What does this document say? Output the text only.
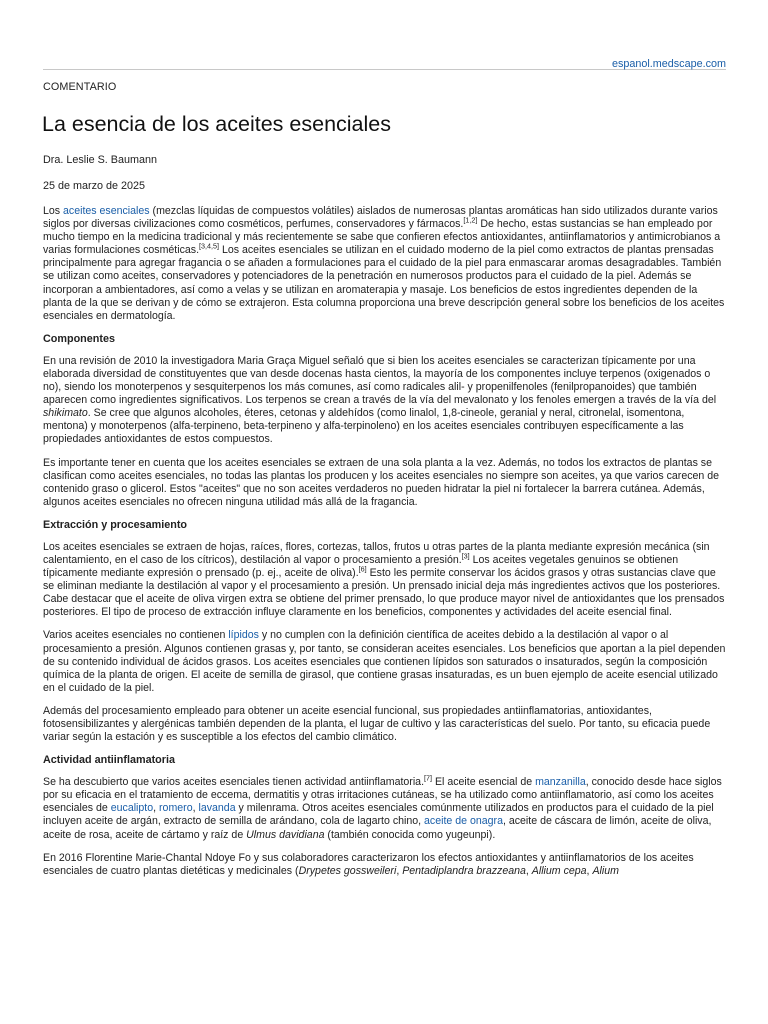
espanol.medscape.com
COMENTARIO
La esencia de los aceites esenciales
Dra. Leslie S. Baumann
25 de marzo de 2025

Los aceites esenciales (mezclas líquidas de compuestos volátiles) aislados de numerosas plantas aromáticas han sido utilizados durante varios siglos por diversas civilizaciones como cosméticos, perfumes, conservadores y fármacos.[1,2] De hecho, estas sustancias se han empleado por mucho tiempo en la medicina tradicional y más recientemente se sabe que confieren efectos antioxidantes, antiinflamatorios y antimicrobianos a varias formulaciones cosméticas.[3,4,5] Los aceites esenciales se utilizan en el cuidado moderno de la piel como extractos de plantas prensadas principalmente para agregar fragancia o se añaden a formulaciones para el cuidado de la piel para enmascarar aromas desagradables. También se utilizan como aceites, conservadores y potenciadores de la penetración en numerosos productos para el cuidado de la piel. Además se incorporan a ambientadores, así como a velas y se utilizan en aromaterapia y masaje. Los beneficios de estos ingredientes dependen de la planta de la que se derivan y de cómo se extrajeron. Esta columna proporciona una breve descripción general sobre los beneficios de los aceites esenciales en dermatología.

Componentes

En una revisión de 2010 la investigadora Maria Graça Miguel señaló que si bien los aceites esenciales se caracterizan típicamente por una elaborada diversidad de constituyentes que van desde docenas hasta cientos, la mayoría de los componentes incluye terpenos (oxigenados o no), siendo los monoterpenos y sesquiterpenos los más comunes, así como radicales alil- y propenilfenoles (fenilpropanoides) que también aparecen como ingredientes significativos. Los terpenos se crean a través de la vía del mevalonato y los fenoles emergen a través de la vía del shikimato. Se cree que algunos alcoholes, éteres, cetonas y aldehídos (como linalol, 1,8-cineole, geranial y neral, citronelal, isomentona, mentona) y monoterpenos (alfa-terpineno, beta-terpineno y alfa-terpinoleno) en los aceites esenciales contribuyen específicamente a las propiedades antioxidantes de estos compuestos.

Es importante tener en cuenta que los aceites esenciales se extraen de una sola planta a la vez. Además, no todos los extractos de plantas se clasifican como aceites esenciales, no todas las plantas los producen y los aceites esenciales no siempre son aceites, ya que varios carecen de contenido graso o glicerol. Estos "aceites" que no son aceites verdaderos no pueden hidratar la piel ni fortalecer la barrera cutánea. Además, algunos aceites esenciales no ofrecen ninguna utilidad más allá de la fragancia.

Extracción y procesamiento

Los aceites esenciales se extraen de hojas, raíces, flores, cortezas, tallos, frutos u otras partes de la planta mediante expresión mecánica (sin calentamiento, en el caso de los cítricos), destilación al vapor o procesamiento a presión.[3] Los aceites vegetales genuinos se obtienen típicamente mediante expresión o prensado (p. ej., aceite de oliva).[6] Esto les permite conservar los ácidos grasos y otras sustancias clave que se eliminan mediante la destilación al vapor y el procesamiento a presión. Un prensado inicial deja más ingredientes activos que los posteriores. Cabe destacar que el aceite de oliva virgen extra se obtiene del primer prensado, lo que produce mayor nivel de antioxidantes que los prensados posteriores. El tipo de proceso de extracción influye claramente en los beneficios, componentes y actividades del aceite esencial final.

Varios aceites esenciales no contienen lípidos y no cumplen con la definición científica de aceites debido a la destilación al vapor o al procesamiento a presión. Algunos contienen grasas y, por tanto, se consideran aceites esenciales. Los beneficios que aportan a la piel dependen de su contenido individual de ácidos grasos. Los aceites esenciales que contienen lípidos son saturados o insaturados, según la composición química de la planta de origen. El aceite de semilla de girasol, que contiene grasas insaturadas, es un buen ejemplo de aceite esencial utilizado en el cuidado de la piel.

Además del procesamiento empleado para obtener un aceite esencial funcional, sus propiedades antiinflamatorias, antioxidantes, fotosensibilizantes y alergénicas también dependen de la planta, el lugar de cultivo y las características del suelo. Por tanto, su eficacia puede variar según la estación y es susceptible a los efectos del cambio climático.

Actividad antiinflamatoria

Se ha descubierto que varios aceites esenciales tienen actividad antiinflamatoria.[7] El aceite esencial de manzanilla, conocido desde hace siglos por su eficacia en el tratamiento de eccema, dermatitis y otras irritaciones cutáneas, se ha utilizado como antiinflamatorio, así como los aceites esenciales de eucalipto, romero, lavanda y milenrama. Otros aceites esenciales comúnmente utilizados en productos para el cuidado de la piel incluyen aceite de argán, extracto de semilla de arándano, cola de lagarto chino, aceite de onagra, aceite de cáscara de limón, aceite de oliva, aceite de rosa, aceite de cártamo y raíz de Ulmus davidiana (también conocida como yugeunpi).

En 2016 Florentine Marie-Chantal Ndoye Fo y sus colaboradores caracterizaron los efectos antioxidantes y antiinflamatorios de los aceites esenciales de cuatro plantas dietéticas y medicinales (Drypetes gossweileri, Pentadiplandra brazzeana, Allium cepa, Alium
